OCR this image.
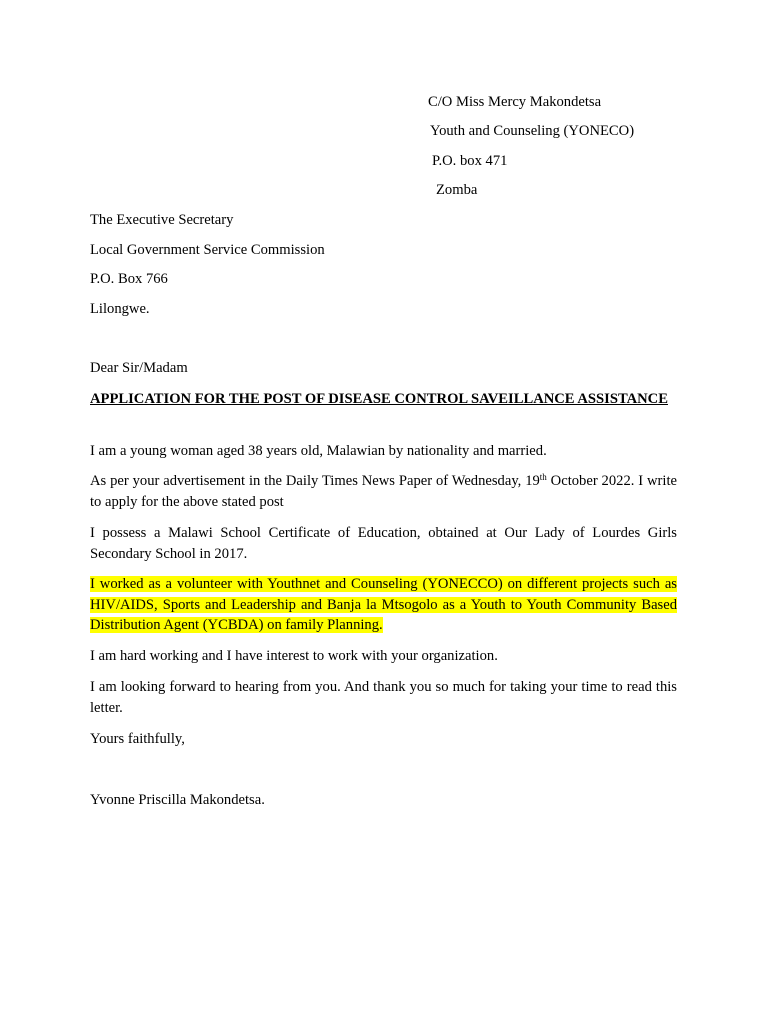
C/O Miss Mercy Makondetsa
Youth and Counseling (YONECO)
P.O. box 471
Zomba
The Executive Secretary
Local Government Service Commission
P.O. Box 766
Lilongwe.
Dear Sir/Madam
APPLICATION FOR THE POST OF DISEASE CONTROL SAVEILLANCE ASSISTANCE
I am a young woman aged 38 years old, Malawian by nationality and married.
As per your advertisement in the Daily Times News Paper of Wednesday, 19th October 2022. I write to apply for the above stated post
I possess a Malawi School Certificate of Education, obtained at Our Lady of Lourdes Girls Secondary School in 2017.
I worked as a volunteer with Youthnet and Counseling (YONECCO) on different projects such as HIV/AIDS, Sports and Leadership and Banja la Mtsogolo as a Youth to Youth Community Based Distribution Agent (YCBDA) on family Planning.
I am hard working and I have interest to work with your organization.
I am looking forward to hearing from you. And thank you so much for taking your time to read this letter.
Yours faithfully,
Yvonne Priscilla Makondetsa.
